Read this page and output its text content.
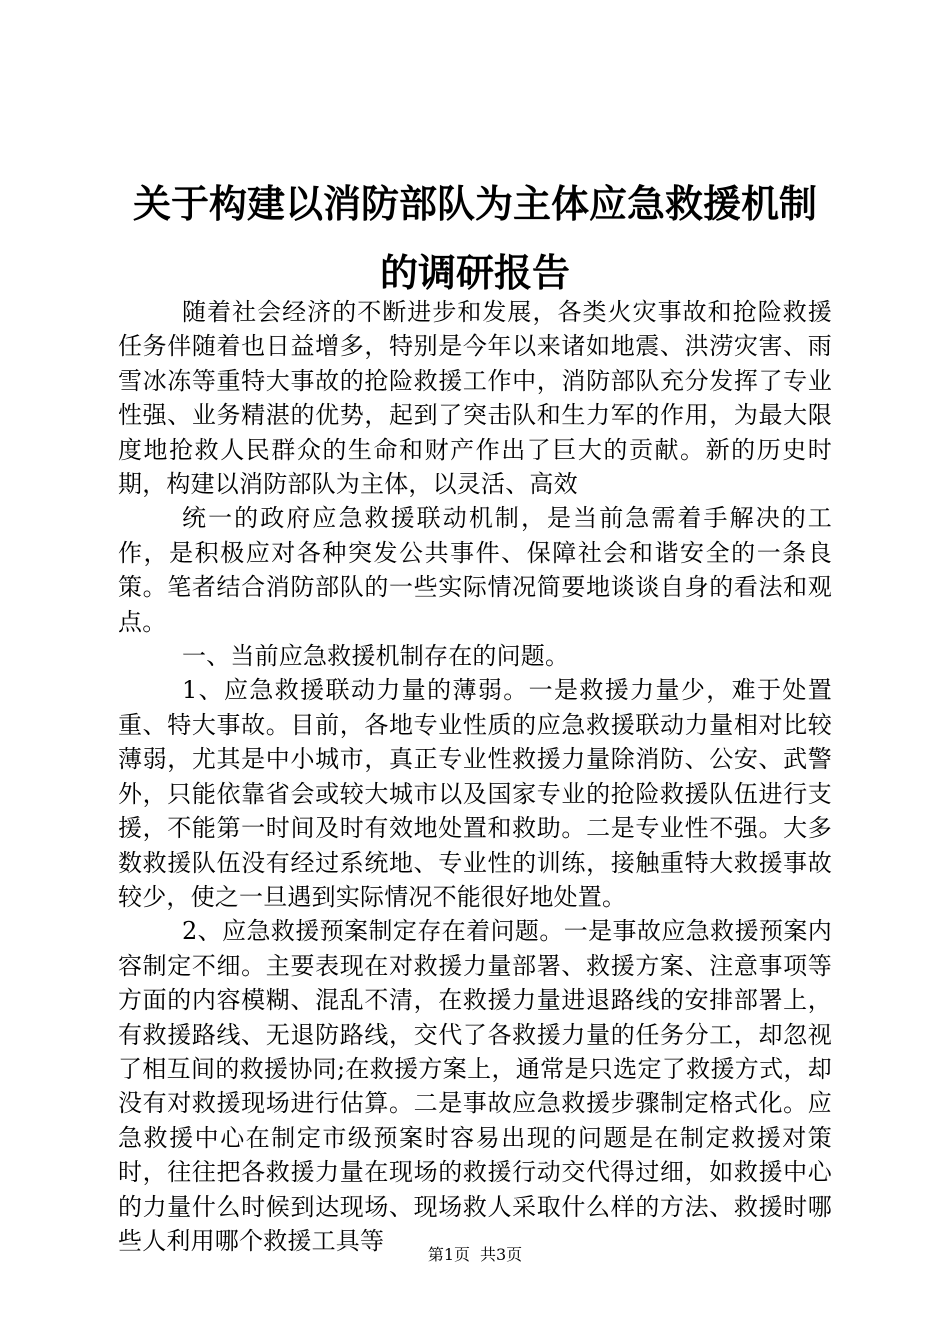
关于构建以消防部队为主体应急救援机制的调研报告

随着社会经济的不断进步和发展，各类火灾事故和抢险救援任务伴随着也日益增多，特别是今年以来诸如地震、洪涝灾害、雨雪冰冻等重特大事故的抢险救援工作中，消防部队充分发挥了专业性强、业务精湛的优势，起到了突击队和生力军的作用，为最大限度地抢救人民群众的生命和财产作出了巨大的贡献。新的历史时期，构建以消防部队为主体，以灵活、高效

统一的政府应急救援联动机制，是当前急需着手解决的工作，是积极应对各种突发公共事件、保障社会和谐安全的一条良策。笔者结合消防部队的一些实际情况简要地谈谈自身的看法和观点。

一、当前应急救援机制存在的问题。

1、应急救援联动力量的薄弱。一是救援力量少，难于处置重、特大事故。目前，各地专业性质的应急救援联动力量相对比较薄弱，尤其是中小城市，真正专业性救援力量除消防、公安、武警外，只能依靠省会或较大城市以及国家专业的抢险救援队伍进行支援，不能第一时间及时有效地处置和救助。二是专业性不强。大多数救援队伍没有经过系统地、专业性的训练，接触重特大救援事故较少，使之一旦遇到实际情况不能很好地处置。

2、应急救援预案制定存在着问题。一是事故应急救援预案内容制定不细。主要表现在对救援力量部署、救援方案、注意事项等方面的内容模糊、混乱不清，在救援力量进退路线的安排部署上，有救援路线、无退防路线，交代了各救援力量的任务分工，却忽视了相互间的救援协同;在救援方案上，通常是只选定了救援方式，却没有对救援现场进行估算。二是事故应急救援步骤制定格式化。应急救援中心在制定市级预案时容易出现的问题是在制定救援对策时，往往把各救援力量在现场的救援行动交代得过细，如救援中心的力量什么时候到达现场、现场救人采取什么样的方法、救援时哪些人利用哪个救援工具等	第1页 共3页
